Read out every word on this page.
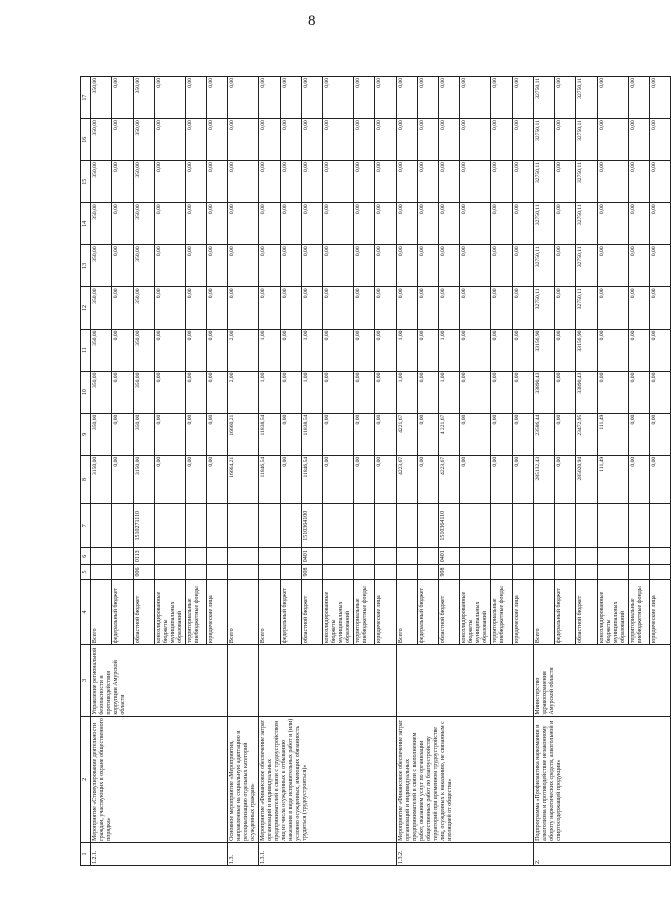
8
1	2	3	4	5	6	7	8	9	10	11	12	13	14	15	16	17
1.2.1.	Мероприятие «Стимулирование деятельности граждан, участвующих в охране общественного порядка»	Управление региональной безопасности и противодействия коррупции Амурской области	Всего				3150,00	350,00	350,00	350,00	350,00	350,00	350,00	350,00	350,00	350,00
			федеральный бюджет				0,00	0,00	0,00	0,00	0,00	0,00	0,00	0,00	0,00	0,00
			областной бюджет	006	0113	1510271110	3150,00	350,00	350,00	350,00	350,00	350,00	350,00	350,00	350,00	350,00
			консолидированные бюджеты муниципальных образований				0,00	0,00	0,00	0,00	0,00	0,00	0,00	0,00	0,00	0,00
			территориальные внебюджетные фонды				0,00	0,00	0,00	0,00	0,00	0,00	0,00	0,00	0,00	0,00
			юридические лица				0,00	0,00	0,00	0,00	0,00	0,00	0,00	0,00	0,00	0,00
1.3.	Основное мероприятие «Мероприятия, направленные на социальную адаптацию и ресоциализацию отдельных категорий осужденных граждан»		Всего				16664,21	16660,21	2,00	2,00	0,00	0,00	0,00	0,00	0,00	0,00
1.3.1.	Мероприятие «Финансовое обеспечение затрат организаций и индивидуальных предпринимателей в связи с трудоустройством лиц из числа осужденных к отбыванию наказания в виде исправительных работ и (или) условно осужденных, имеющих обязанность трудиться (трудоустроиться)»		Всего				11846,54	11838,54	1,00	1,00	0,00	0,00	0,00	0,00	0,00	0,00
			федеральный бюджет				0,00	0,00	0,00	0,00	0,00	0,00	0,00	0,00	0,00	0,00
			областной бюджет	908	0401	1510364100	11846,54	11838,54	1,00	1,00	0,00	0,00	0,00	0,00	0,00	0,00
			консолидированные бюджеты муниципальных образований				0,00	0,00	0,00	0,00	0,00	0,00	0,00	0,00	0,00	0,00
			территориальные внебюджетные фонды				0,00	0,00	0,00	0,00	0,00	0,00	0,00	0,00	0,00	0,00
			юридические лица				0,00	0,00	0,00	0,00	0,00	0,00	0,00	0,00	0,00	0,00
1.3.2.	Мероприятие «Финансовое обеспечение затрат организаций и индивидуальных предпринимателей в связи с выполнением работ, оказанием услуг по организации общественных работ по благоустройству территорий при временном трудоустройстве лиц, осужденных к наказанию, не связанным с изоляцией от общества»		Всего				4223,67	4221,67	1,00	1,00	0,00	0,00	0,00	0,00	0,00	0,00
			федеральный бюджет				0,00	0,00	0,00	0,00	0,00	0,00	0,00	0,00	0,00	0,00
			областной бюджет	908	0401	1510364110	4223,67	4 221,67	1,00	1,00	0,00	0,00	0,00	0,00	0,00	0,00
			консолидированные бюджеты муниципальных образований				0,00	0,00	0,00	0,00	0,00	0,00	0,00	0,00	0,00	0,00
			территориальные внебюджетные фонды				0,00	0,00	0,00	0,00	0,00	0,00	0,00	0,00	0,00	0,00
			юридические лица				0,00	0,00	0,00	0,00	0,00	0,00	0,00	0,00	0,00	0,00
2.	Подпрограмма «Профилактика наркомании и алкоголизма и противодействие незаконному обороту наркотических средств, алкогольной и спиртосодержащей продукции»	Министерство здравоохранения Амурской области	Всего				285132,43	23586,44	33890,43	33156,90	32750,11	32750,11	32750,11	32750,11	32750,11	32750,11
			федеральный бюджет				0,00	0,00	0,00	0,00	0,00	0,00	0,00	0,00	0,00	0,00
			областной бюджет				285020,94	23472,95	33890,43	33156,90	32750,11	32750,11	32750,11	32750,11	32750,11	32750,11
			консолидированные бюджеты муниципальных образований				111,49	111,49	0,00	0,00	0,00	0,00	0,00	0,00	0,00	0,00
			территориальные внебюджетные фонды				0,00	0,00	0,00	0,00	0,00	0,00	0,00	0,00	0,00	0,00
			юридические лица				0,00	0,00	0,00	0,00	0,00	0,00	0,00	0,00	0,00	0,00
